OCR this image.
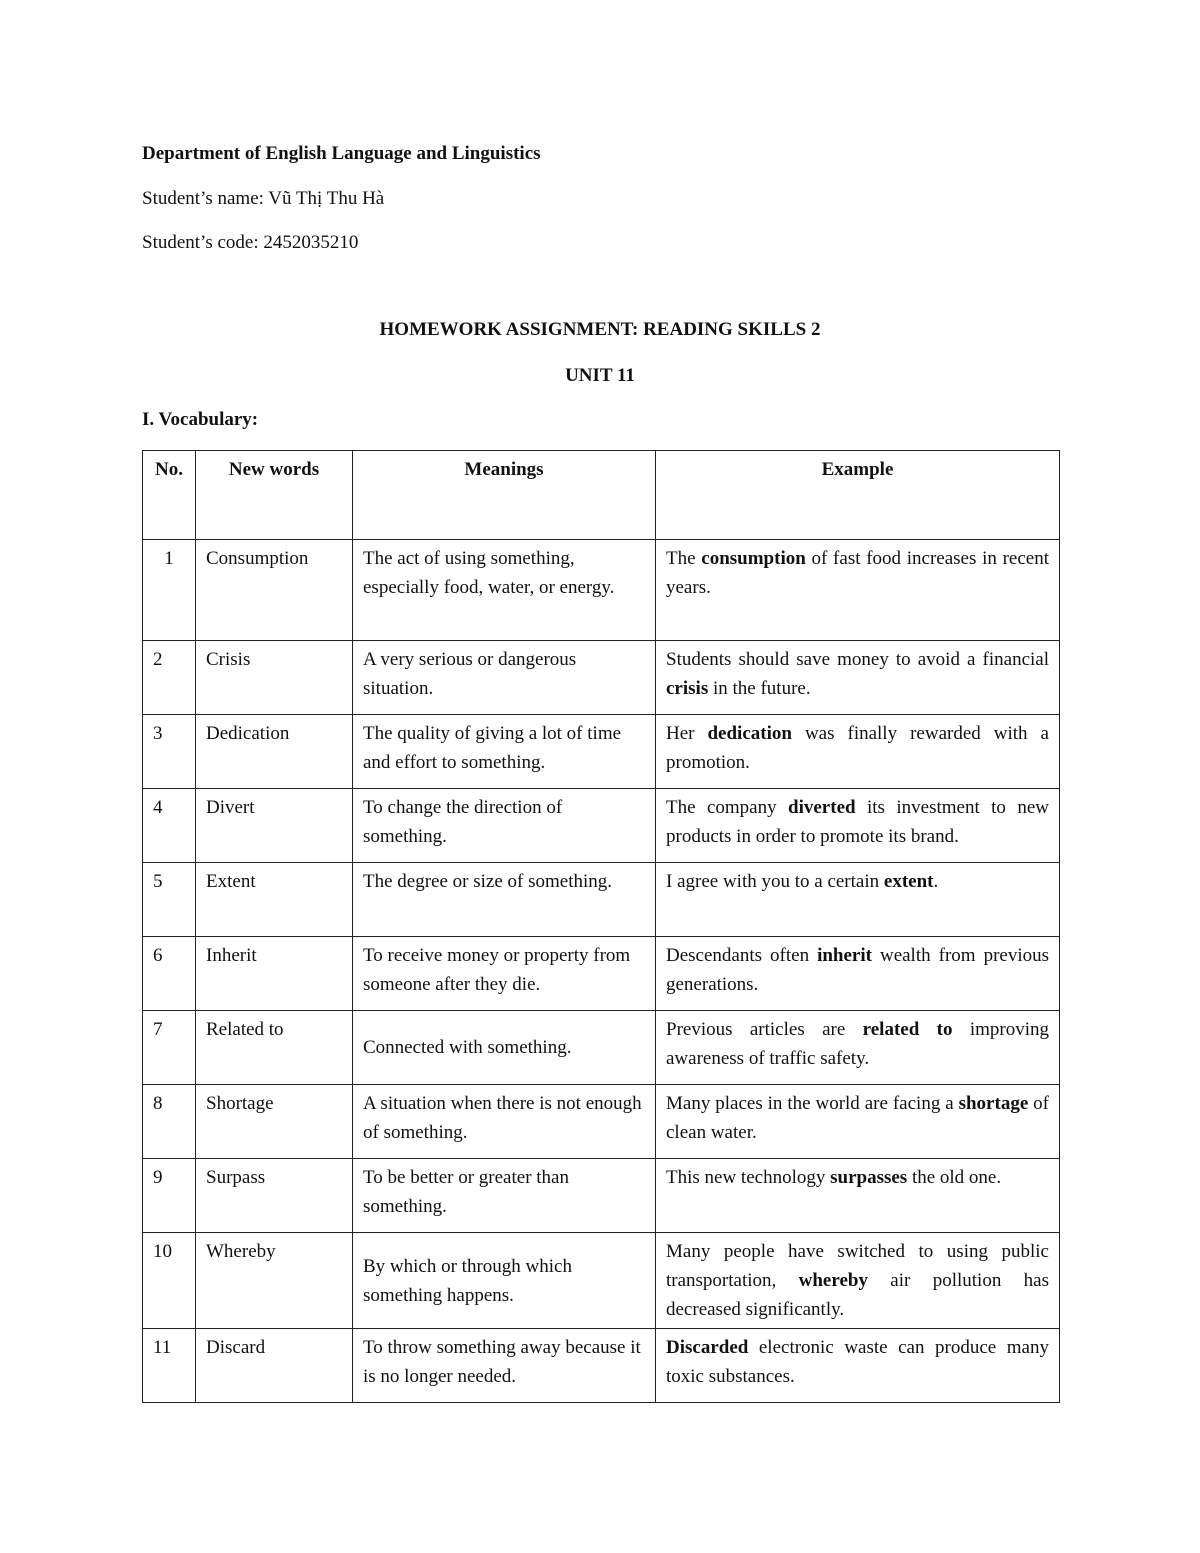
Department of English Language and Linguistics
Student’s name: Vũ Thị Thu Hà
Student’s code: 2452035210
HOMEWORK ASSIGNMENT: READING SKILLS 2
UNIT 11
I. Vocabulary:
No.	New words	Meanings	Example
1	Consumption	The act of using something, especially food, water, or energy.	The consumption of fast food increases in recent years.
2	Crisis	A very serious or dangerous situation.	Students should save money to avoid a financial crisis in the future.
3	Dedication	The quality of giving a lot of time and effort to something.	Her dedication was finally rewarded with a promotion.
4	Divert	To change the direction of something.	The company diverted its investment to new products in order to promote its brand.
5	Extent	The degree or size of something.	I agree with you to a certain extent.
6	Inherit	To receive money or property from someone after they die.	Descendants often inherit wealth from previous generations.
7	Related to	Connected with something.	Previous articles are related to improving awareness of traffic safety.
8	Shortage	A situation when there is not enough of something.	Many places in the world are facing a shortage of clean water.
9	Surpass	To be better or greater than something.	This new technology surpasses the old one.
10	Whereby	By which or through which something happens.	Many people have switched to using public transportation, whereby air pollution has decreased significantly.
11	Discard	To throw something away because it is no longer needed.	Discarded electronic waste can produce many toxic substances.
